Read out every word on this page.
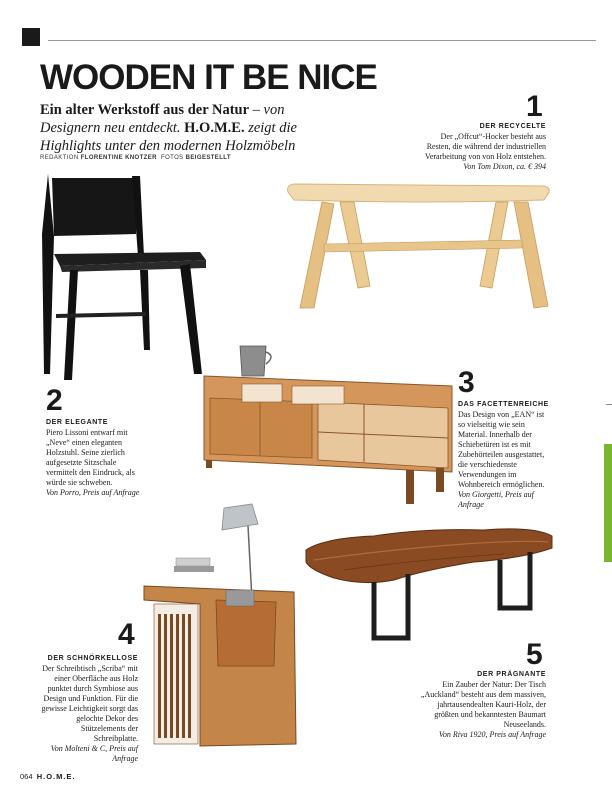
WOODEN IT BE NICE
Ein alter Werkstoff aus der Natur – von Designern neu entdeckt. H.O.M.E. zeigt die Highlights unter den modernen Holzmöbeln
REDAKTION FLORENTINE KNOTZER FOTOS BEIGESTELLT
1
DER RECYCELTE
Der „Offcut“-Hocker besteht aus Resten, die während der industriellen Verarbeitung von von Holz entstehen.
Von Tom Dixon, ca. € 394
2
DER ELEGANTE
Piero Lissoni entwarf mit „Neve“ einen eleganten Holzstuhl. Seine zierlich aufgesetzte Sitzschale vermittelt den Eindruck, als würde sie schweben.
Von Porro, Preis auf Anfrage
3
DAS FACETTENREICHE
Das Design von „EAN“ ist so vielseitig wie sein Material. Innerhalb der Schiebetüren ist es mit Zubehörteilen ausgestattet, die verschiedenste Verwendungen im Wohnbereich ermöglichen.
Von Giorgetti, Preis auf Anfrage
4
DER SCHNÖRKELLOSE
Der Schreibtisch „Scriba“ mit einer Oberfläche aus Holz punktet durch Symbiose aus Design und Funktion. Für die gewisse Leichtigkeit sorgt das gelochte Dekor des Stützelements der Schreibplatte.
Von Molteni & C, Preis auf Anfrage
5
DER PRÄGNANTE
Ein Zauber der Natur: Der Tisch „Auckland“ besteht aus dem massiven, jahrtausendealten Kauri-Holz, der größten und bekanntesten Baumart Neuseelands.
Von Riva 1920, Preis auf Anfrage
064 H.O.M.E.
